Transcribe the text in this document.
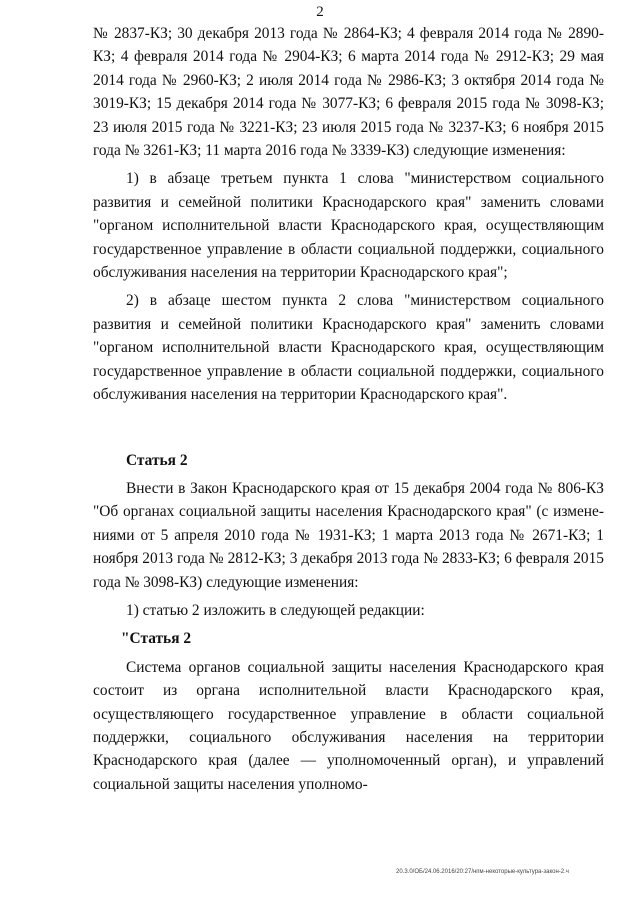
2

№ 2837-КЗ; 30 декабря 2013 года № 2864-КЗ; 4 февраля 2014 года № 2890-КЗ; 4 февраля 2014 года № 2904-КЗ; 6 марта 2014 года № 2912-КЗ; 29 мая 2014 года № 2960-КЗ; 2 июля 2014 года № 2986-КЗ; 3 октября 2014 года № 3019-КЗ; 15 декабря 2014 года № 3077-КЗ; 6 февраля 2015 года № 3098-КЗ; 23 июля 2015 года № 3221-КЗ; 23 июля 2015 года № 3237-КЗ; 6 ноября 2015 года № 3261-КЗ; 11 марта 2016 года № 3339-КЗ) следующие изменения:

1) в абзаце третьем пункта 1 слова "министерством социального развития и семейной политики Краснодарского края" заменить словами "органом исполнительной власти Краснодарского края, осуществляющим государственное управление в области социальной поддержки, социального обслуживания населения на территории Краснодарского края";

2) в абзаце шестом пункта 2 слова "министерством социального развития и семейной политики Краснодарского края" заменить словами "органом исполнительной власти Краснодарского края, осуществляющим государственное управление в области социальной поддержки, социального обслуживания населения на территории Краснодарского края".

Статья 2

Внести в Закон Краснодарского края от 15 декабря 2004 года № 806-КЗ "Об органах социальной защиты населения Краснодарского края" (с изменениями от 5 апреля 2010 года № 1931-КЗ; 1 марта 2013 года № 2671-КЗ; 1 ноября 2013 года № 2812-КЗ; 3 декабря 2013 года № 2833-КЗ; 6 февраля 2015 года № 3098-КЗ) следующие изменения:

1) статью 2 изложить в следующей редакции:

"Статья 2

Система органов социальной защиты населения Краснодарского края состоит из органа исполнительной власти Краснодарского края, осуществляющего государственное управление в области социальной поддержки, социального обслуживания населения на территории Краснодарского края (далее — уполномоченный орган), и управлений социальной защиты населения уполномо-

20.3.0/ОБ/24.06.2016/20:27/нпм-некоторые-культура-закон-2.ч
